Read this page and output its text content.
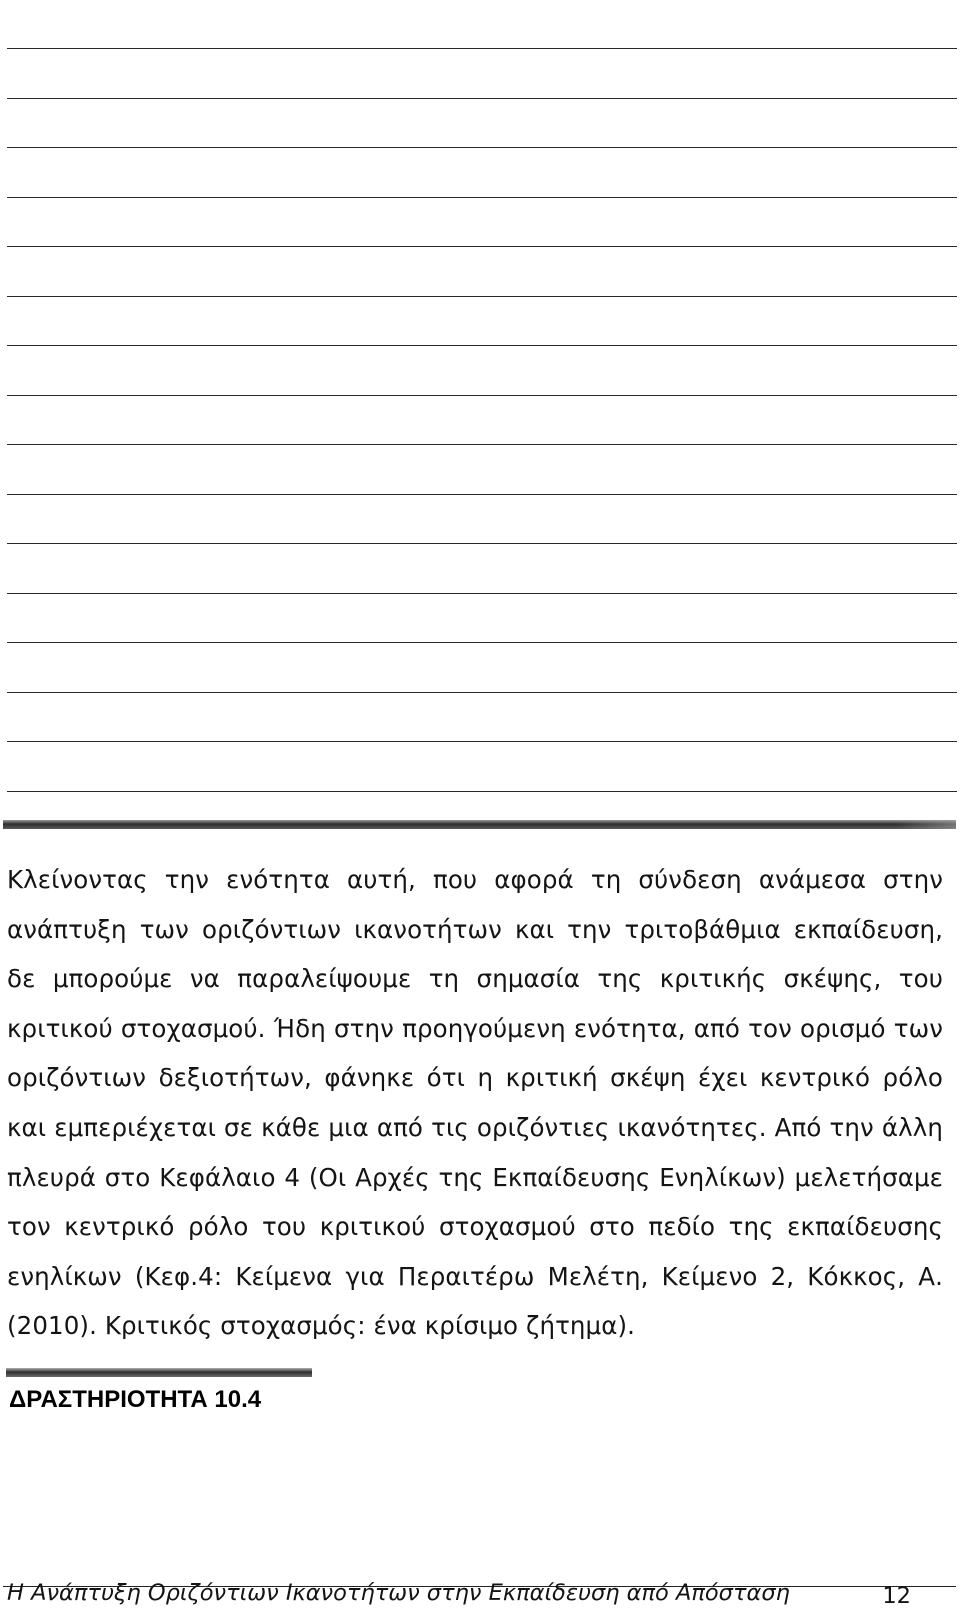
Κλείνοντας την ενότητα αυτή, που αφορά τη σύνδεση ανάμεσα στην ανάπτυξη των οριζόντιων ικανοτήτων και την τριτοβάθμια εκπαίδευση, δε μπορούμε να παραλείψουμε τη σημασία της κριτικής σκέψης, του κριτικού στοχασμού. Ήδη στην προηγούμενη ενότητα, από τον ορισμό των οριζόντιων δεξιοτήτων, φάνηκε ότι η κριτική σκέψη έχει κεντρικό ρόλο και εμπεριέχεται σε κάθε μια από τις οριζόντιες ικανότητες. Από την άλλη πλευρά στο Κεφάλαιο 4 (Οι Αρχές της Εκπαίδευσης Ενηλίκων) μελετήσαμε τον κεντρικό ρόλο του κριτικού στοχασμού στο πεδίο της εκπαίδευσης ενηλίκων (Κεφ.4: Κείμενα για Περαιτέρω Μελέτη, Κείμενο 2, Κόκκος, Α. (2010). Κριτικός στοχασμός: ένα κρίσιμο ζήτημα).

ΔΡΑΣΤΗΡΙΟΤΗΤΑ 10.4
Η Ανάπτυξη Οριζόντιων Ικανοτήτων στην Εκπαίδευση από Απόσταση	12
